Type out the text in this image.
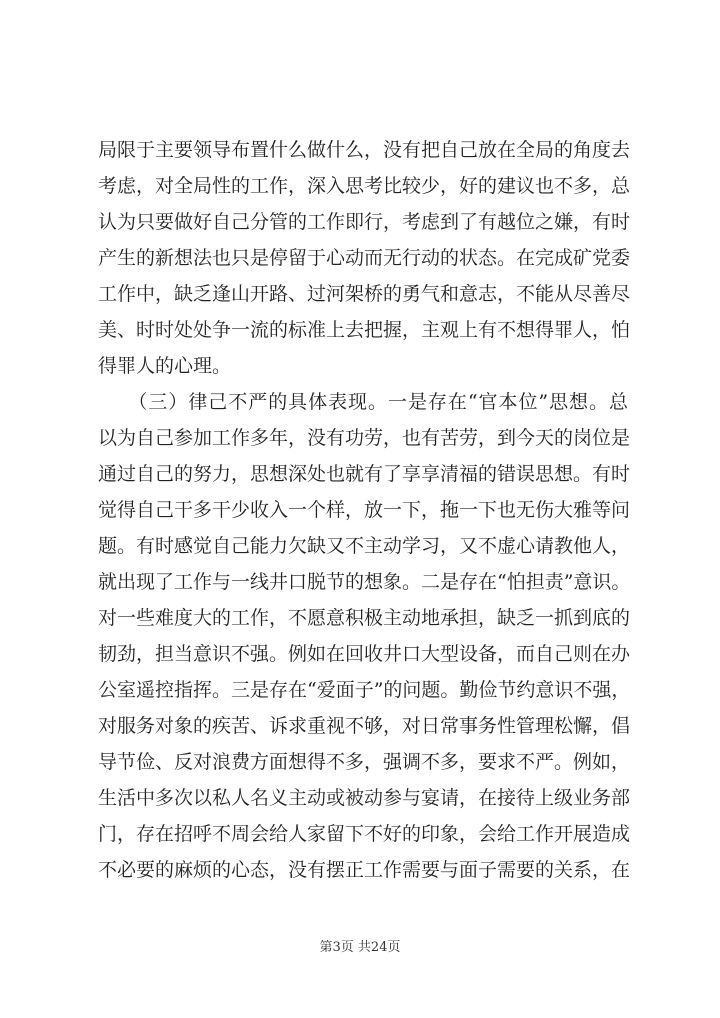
局限于主要领导布置什么做什么，没有把自己放在全局的角度去
考虑，对全局性的工作，深入思考比较少，好的建议也不多，总
认为只要做好自己分管的工作即行，考虑到了有越位之嫌，有时
产生的新想法也只是停留于心动而无行动的状态。在完成矿党委
工作中，缺乏逢山开路、过河架桥的勇气和意志，不能从尽善尽
美、时时处处争一流的标准上去把握，主观上有不想得罪人，怕
得罪人的心理。
　　（三）律己不严的具体表现。一是存在“官本位”思想。总
以为自己参加工作多年，没有功劳，也有苦劳，到今天的岗位是
通过自己的努力，思想深处也就有了享享清福的错误思想。有时
觉得自己干多干少收入一个样，放一下，拖一下也无伤大雅等问
题。有时感觉自己能力欠缺又不主动学习，又不虚心请教他人，
就出现了工作与一线井口脱节的想象。二是存在“怕担责”意识。
对一些难度大的工作，不愿意积极主动地承担，缺乏一抓到底的
韧劲，担当意识不强。例如在回收井口大型设备，而自己则在办
公室遥控指挥。三是存在“爱面子”的问题。勤俭节约意识不强，
对服务对象的疾苦、诉求重视不够，对日常事务性管理松懈，倡
导节俭、反对浪费方面想得不多，强调不多，要求不严。例如，
生活中多次以私人名义主动或被动参与宴请，在接待上级业务部
门，存在招呼不周会给人家留下不好的印象，会给工作开展造成
不必要的麻烦的心态，没有摆正工作需要与面子需要的关系，在
第3页 共24页
